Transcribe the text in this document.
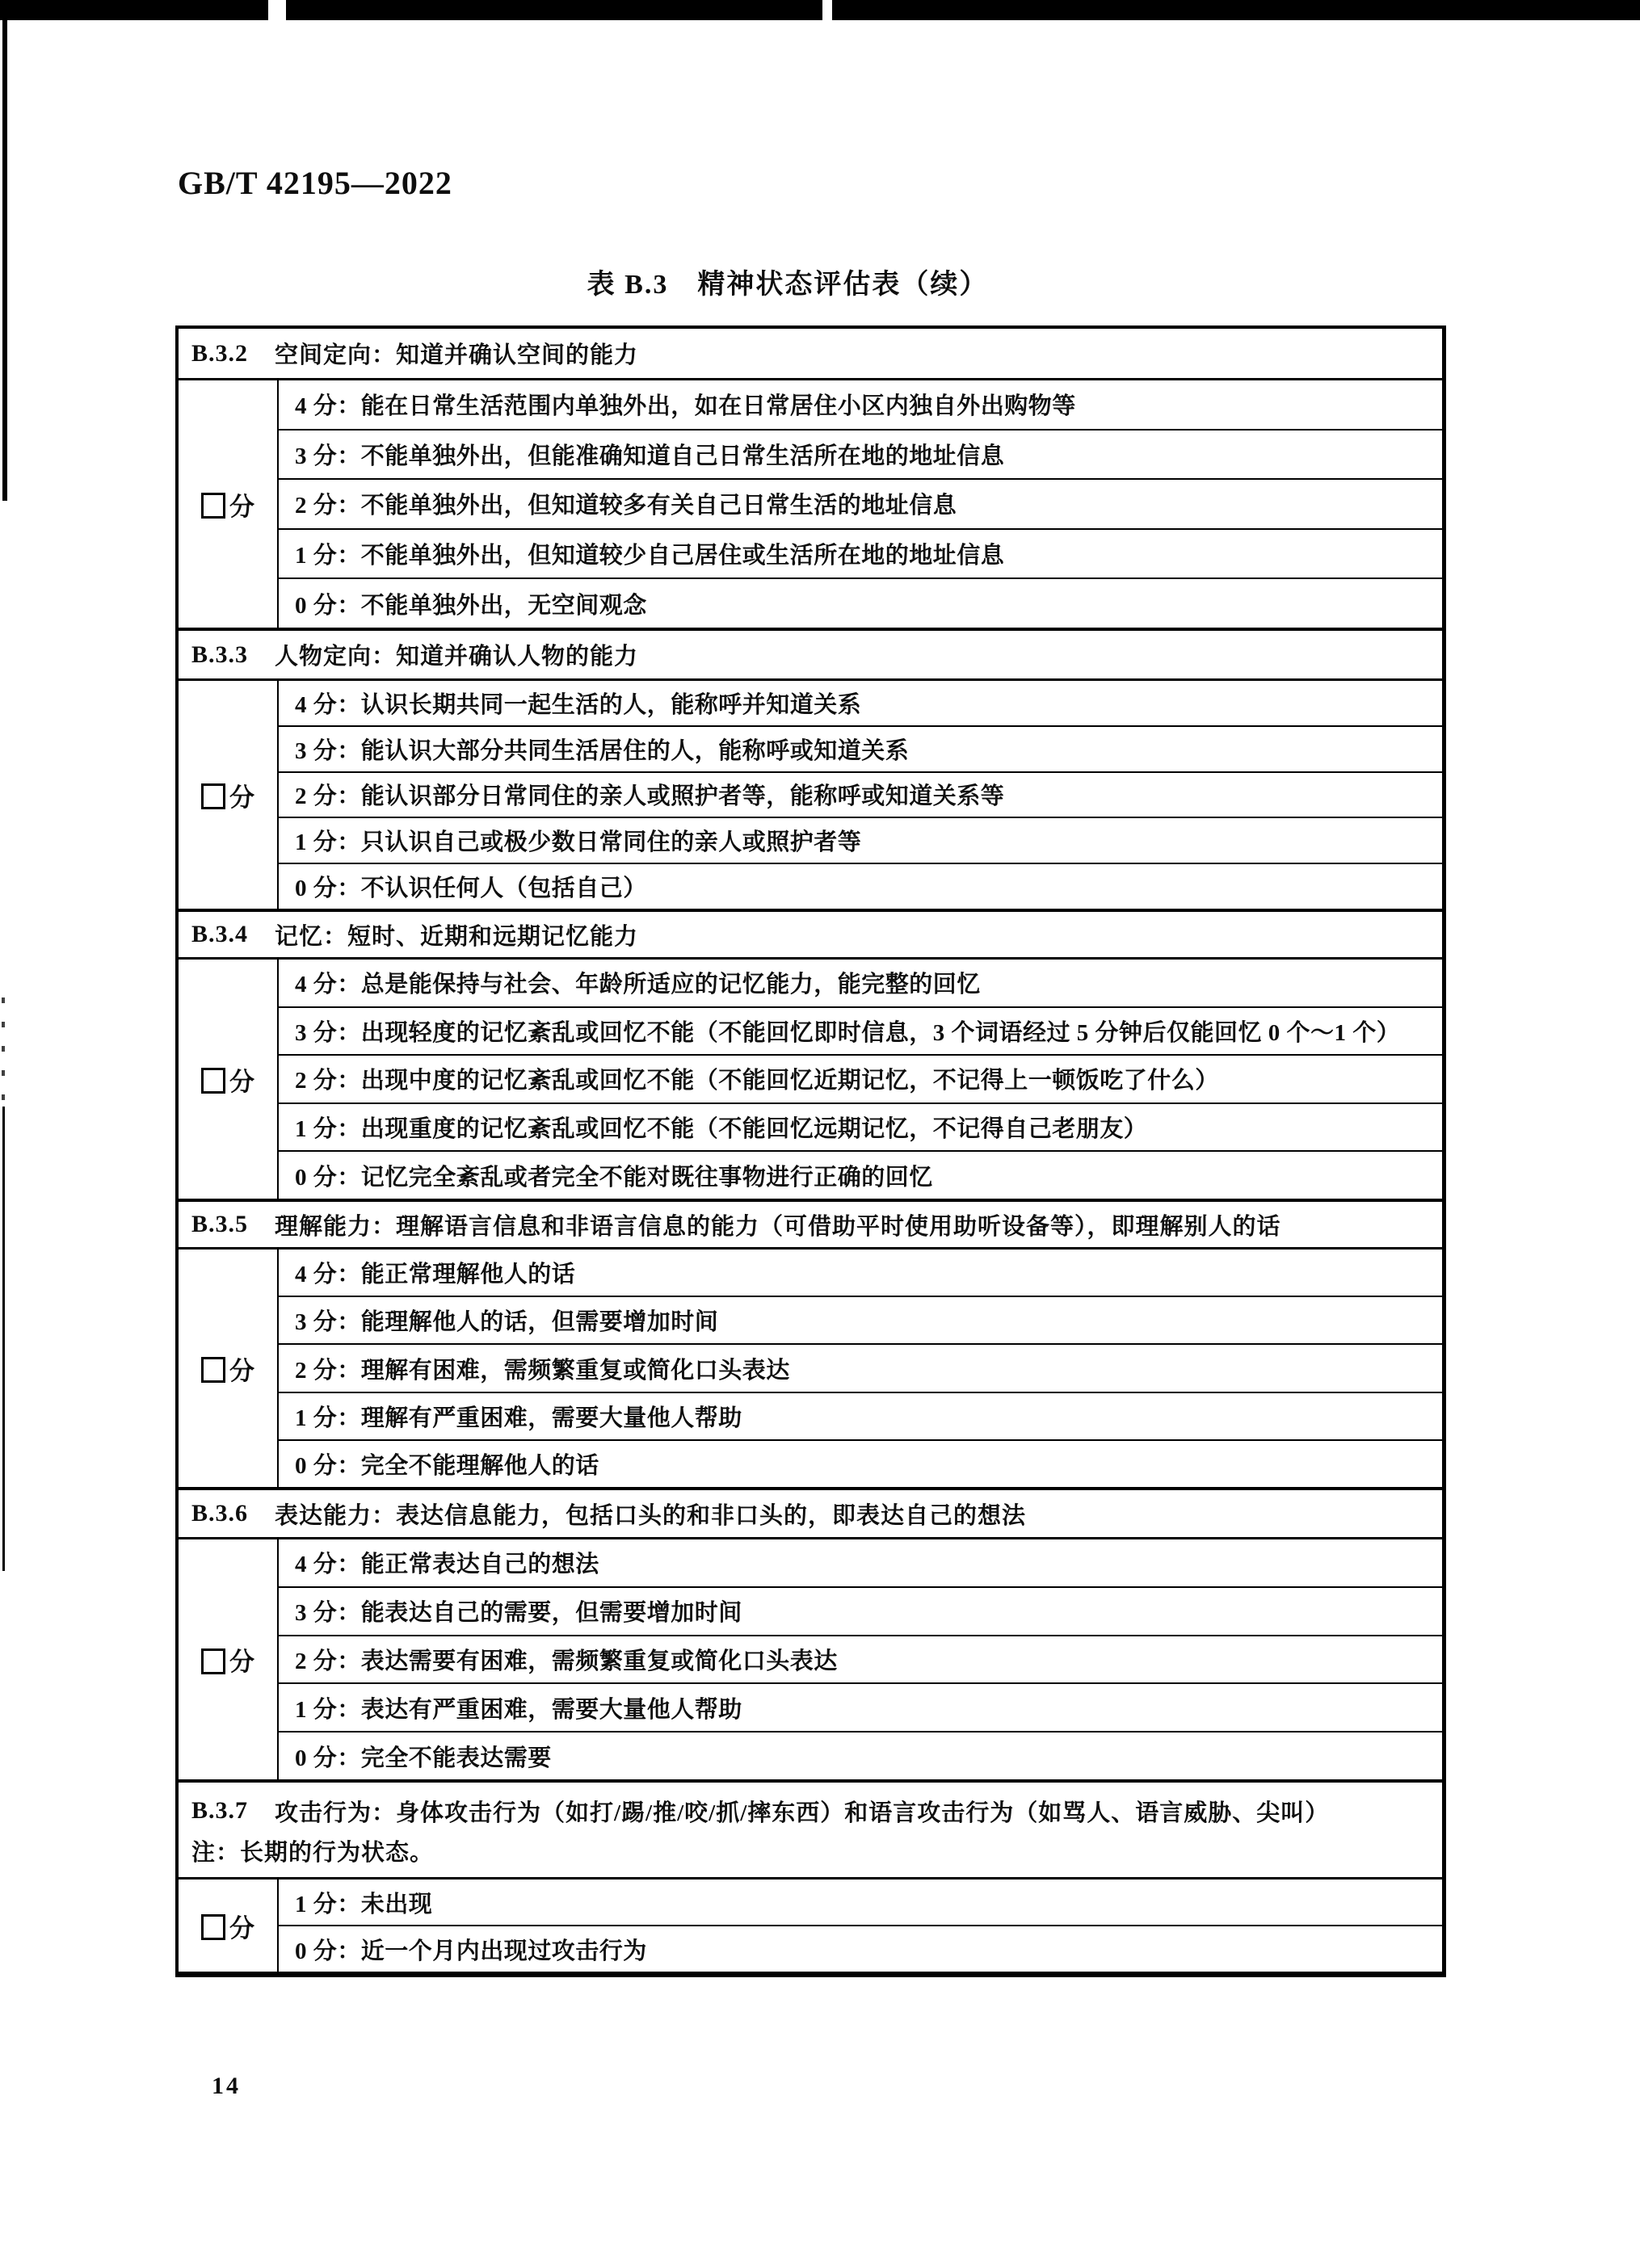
GB/T 42195—2022
表 B.3　精神状态评估表（续）
B.3.2	空间定向：知道并确认空间的能力
分
4 分：能在日常生活范围内单独外出，如在日常居住小区内独自外出购物等
3 分：不能单独外出，但能准确知道自己日常生活所在地的地址信息
2 分：不能单独外出，但知道较多有关自己日常生活的地址信息
1 分：不能单独外出，但知道较少自己居住或生活所在地的地址信息
0 分：不能单独外出，无空间观念
B.3.3	人物定向：知道并确认人物的能力
分
4 分：认识长期共同一起生活的人，能称呼并知道关系
3 分：能认识大部分共同生活居住的人，能称呼或知道关系
2 分：能认识部分日常同住的亲人或照护者等，能称呼或知道关系等
1 分：只认识自己或极少数日常同住的亲人或照护者等
0 分：不认识任何人（包括自己）
B.3.4	记忆：短时、近期和远期记忆能力
分
4 分：总是能保持与社会、年龄所适应的记忆能力，能完整的回忆
3 分：出现轻度的记忆紊乱或回忆不能（不能回忆即时信息，3 个词语经过 5 分钟后仅能回忆 0 个～1 个）
2 分：出现中度的记忆紊乱或回忆不能（不能回忆近期记忆，不记得上一顿饭吃了什么）
1 分：出现重度的记忆紊乱或回忆不能（不能回忆远期记忆，不记得自己老朋友）
0 分：记忆完全紊乱或者完全不能对既往事物进行正确的回忆
B.3.5	理解能力：理解语言信息和非语言信息的能力（可借助平时使用助听设备等），即理解别人的话
分
4 分：能正常理解他人的话
3 分：能理解他人的话，但需要增加时间
2 分：理解有困难，需频繁重复或简化口头表达
1 分：理解有严重困难，需要大量他人帮助
0 分：完全不能理解他人的话
B.3.6	表达能力：表达信息能力，包括口头的和非口头的，即表达自己的想法
分
4 分：能正常表达自己的想法
3 分：能表达自己的需要，但需要增加时间
2 分：表达需要有困难，需频繁重复或简化口头表达
1 分：表达有严重困难，需要大量他人帮助
0 分：完全不能表达需要
B.3.7	攻击行为：身体攻击行为（如打/踢/推/咬/抓/摔东西）和语言攻击行为（如骂人、语言威胁、尖叫）
注：长期的行为状态。
分
1 分：未出现
0 分：近一个月内出现过攻击行为
14
